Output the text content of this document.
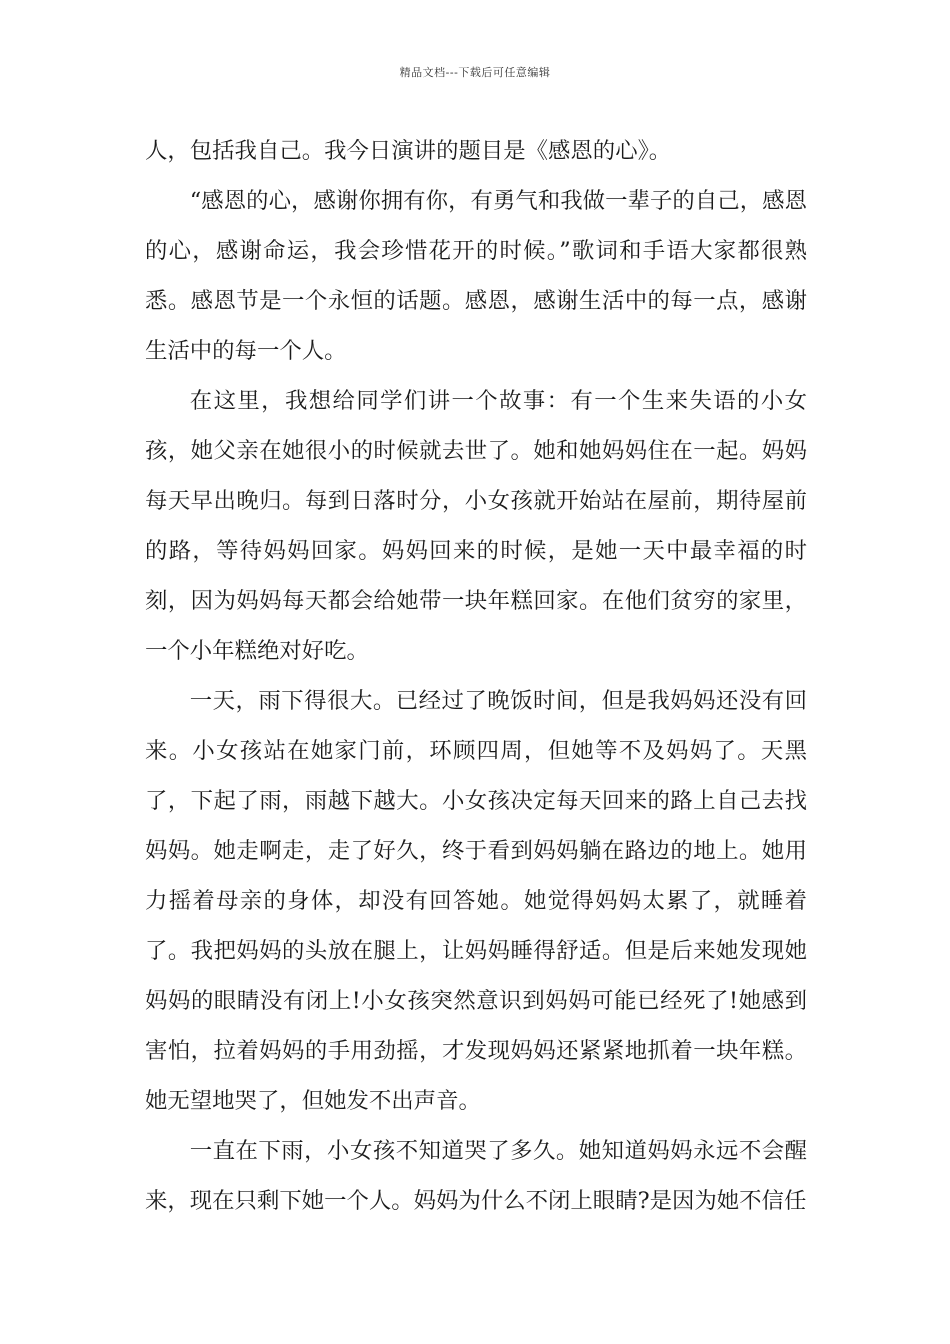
精品文档---下载后可任意编辑

人，包括我自己。我今日演讲的题目是《感恩的心》。

“感恩的心，感谢你拥有你，有勇气和我做一辈子的自己，感恩的心，感谢命运，我会珍惜花开的时候。”歌词和手语大家都很熟悉。感恩节是一个永恒的话题。感恩，感谢生活中的每一点，感谢生活中的每一个人。

在这里，我想给同学们讲一个故事：有一个生来失语的小女孩，她父亲在她很小的时候就去世了。她和她妈妈住在一起。妈妈每天早出晚归。每到日落时分，小女孩就开始站在屋前，期待屋前的路，等待妈妈回家。妈妈回来的时候，是她一天中最幸福的时刻，因为妈妈每天都会给她带一块年糕回家。在他们贫穷的家里，一个小年糕绝对好吃。

一天，雨下得很大。已经过了晚饭时间，但是我妈妈还没有回来。小女孩站在她家门前，环顾四周，但她等不及妈妈了。天黑了，下起了雨，雨越下越大。小女孩决定每天回来的路上自己去找妈妈。她走啊走，走了好久，终于看到妈妈躺在路边的地上。她用力摇着母亲的身体，却没有回答她。她觉得妈妈太累了，就睡着了。我把妈妈的头放在腿上，让妈妈睡得舒适。但是后来她发现她妈妈的眼睛没有闭上!小女孩突然意识到妈妈可能已经死了!她感到害怕，拉着妈妈的手用劲摇，才发现妈妈还紧紧地抓着一块年糕。她无望地哭了，但她发不出声音。

一直在下雨，小女孩不知道哭了多久。她知道妈妈永远不会醒来，现在只剩下她一个人。妈妈为什么不闭上眼睛?是因为她不信任
